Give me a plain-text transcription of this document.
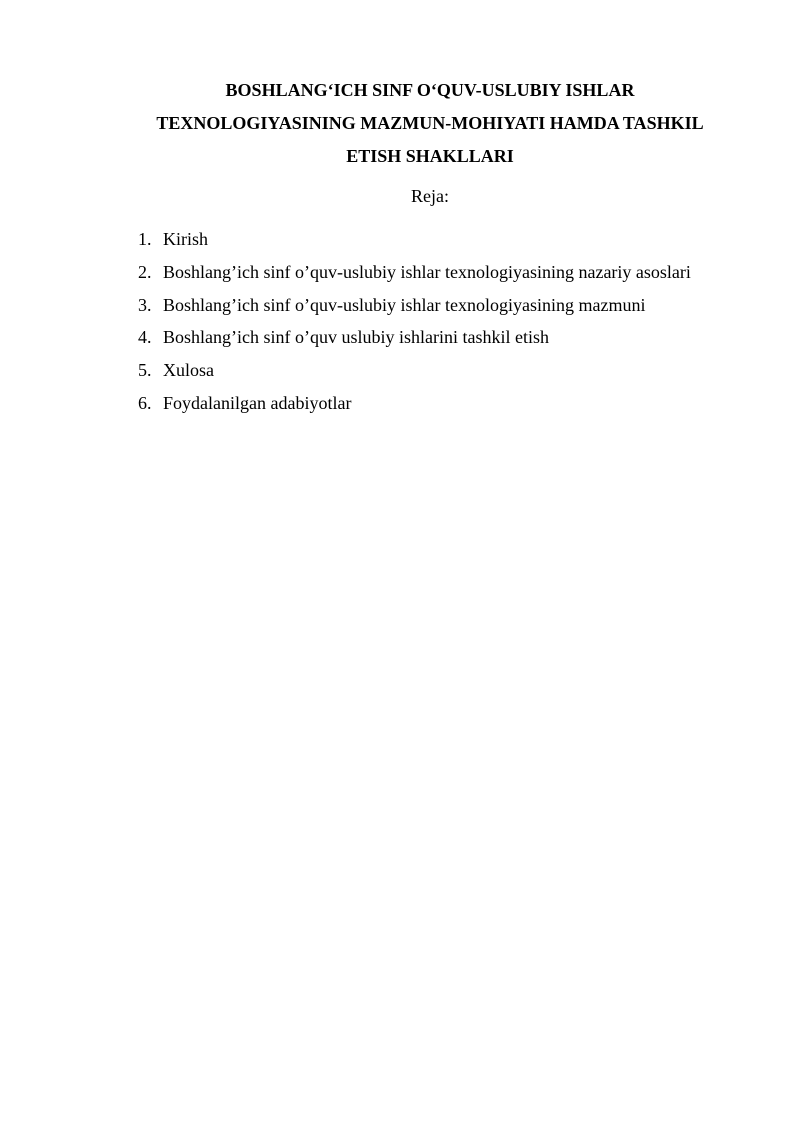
BOSHLANG‘ICH SINF O‘QUV-USLUBIY ISHLAR
TEXNOLOGIYASINING MAZMUN-MOHIYATI HAMDA TASHKIL
ETISH SHAKLLARI

Reja:

1. Kirish
2. Boshlang’ich sinf o’quv-uslubiy ishlar texnologiyasining nazariy asoslari
3. Boshlang’ich sinf o’quv-uslubiy ishlar texnologiyasining mazmuni
4. Boshlang’ich sinf o’quv uslubiy ishlarini tashkil etish
5. Xulosa
6. Foydalanilgan adabiyotlar
